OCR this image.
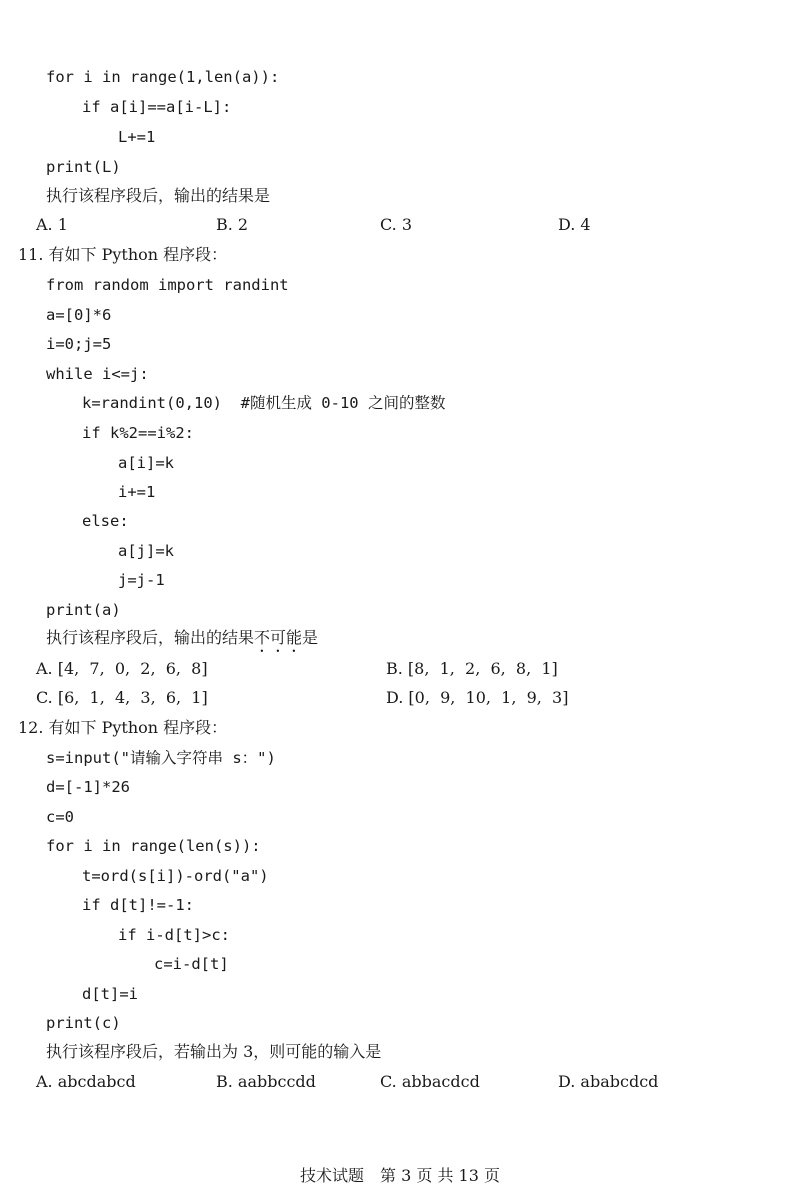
for i in range(1,len(a)):
if a[i]==a[i-L]:
L+=1
print(L)
执行该程序段后，输出的结果是
A. 1	B. 2	C. 3	D. 4
11. 有如下 Python 程序段：
from random import randint
a=[0]*6
i=0;j=5
while i<=j:
k=randint(0,10)  #随机生成 0-10 之间的整数
if k%2==i%2:
a[i]=k
i+=1
else:
a[j]=k
j=j-1
print(a)
执行该程序段后，输出的结果不可能是
A. [4,  7,  0,  2,  6,  8]	B. [8,  1,  2,  6,  8,  1]
C. [6,  1,  4,  3,  6,  1]	D. [0,  9,  10,  1,  9,  3]
12. 有如下 Python 程序段：
s=input("请输入字符串 s：")
d=[-1]*26
c=0
for i in range(len(s)):
t=ord(s[i])-ord("a")
if d[t]!=-1:
if i-d[t]>c:
c=i-d[t]
d[t]=i
print(c)
执行该程序段后，若输出为 3，则可能的输入是
A. abcdabcd	B. aabbccdd	C. abbacdcd	D. ababcdcd
技术试题　第 3 页 共 13 页
